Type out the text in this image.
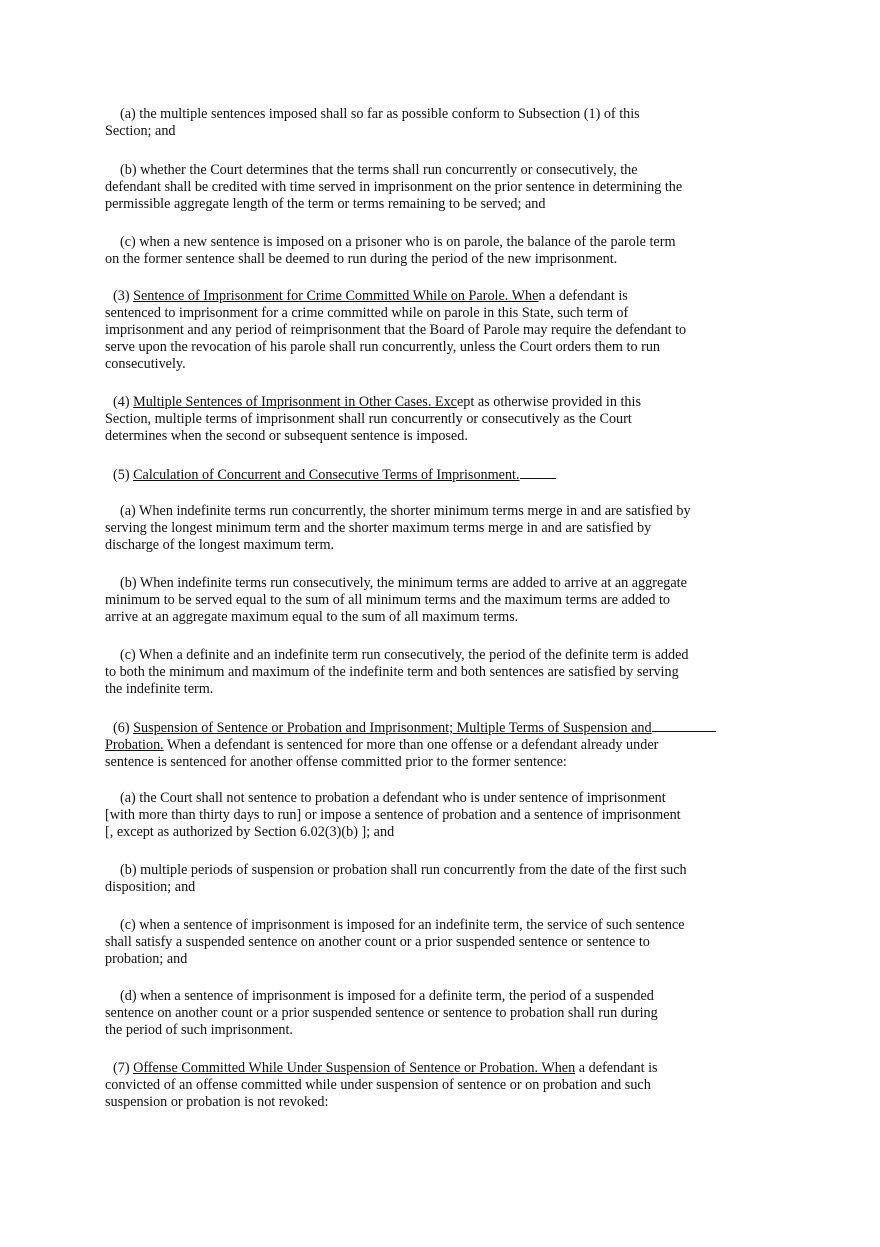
(a) the multiple sentences imposed shall so far as possible conform to Subsection (1) of this
Section; and
(b) whether the Court determines that the terms shall run concurrently or consecutively, the
defendant shall be credited with time served in imprisonment on the prior sentence in determining the
permissible aggregate length of the term or terms remaining to be served; and
(c) when a new sentence is imposed on a prisoner who is on parole, the balance of the parole term
on the former sentence shall be deemed to run during the period of the new imprisonment.
(3) Sentence of Imprisonment for Crime Committed While on Parole. When a defendant is
sentenced to imprisonment for a crime committed while on parole in this State, such term of
imprisonment and any period of reimprisonment that the Board of Parole may require the defendant to
serve upon the revocation of his parole shall run concurrently, unless the Court orders them to run
consecutively.
(4) Multiple Sentences of Imprisonment in Other Cases. Except as otherwise provided in this
Section, multiple terms of imprisonment shall run concurrently or consecutively as the Court
determines when the second or subsequent sentence is imposed.
(5) Calculation of Concurrent and Consecutive Terms of Imprisonment.
(a) When indefinite terms run concurrently, the shorter minimum terms merge in and are satisfied by
serving the longest minimum term and the shorter maximum terms merge in and are satisfied by
discharge of the longest maximum term.
(b) When indefinite terms run consecutively, the minimum terms are added to arrive at an aggregate
minimum to be served equal to the sum of all minimum terms and the maximum terms are added to
arrive at an aggregate maximum equal to the sum of all maximum terms.
(c) When a definite and an indefinite term run consecutively, the period of the definite term is added
to both the minimum and maximum of the indefinite term and both sentences are satisfied by serving
the indefinite term.
(6) Suspension of Sentence or Probation and Imprisonment; Multiple Terms of Suspension and
Probation. When a defendant is sentenced for more than one offense or a defendant already under
sentence is sentenced for another offense committed prior to the former sentence:
(a) the Court shall not sentence to probation a defendant who is under sentence of imprisonment
[with more than thirty days to run] or impose a sentence of probation and a sentence of imprisonment
[, except as authorized by Section 6.02(3)(b) ]; and
(b) multiple periods of suspension or probation shall run concurrently from the date of the first such
disposition; and
(c) when a sentence of imprisonment is imposed for an indefinite term, the service of such sentence
shall satisfy a suspended sentence on another count or a prior suspended sentence or sentence to
probation; and
(d) when a sentence of imprisonment is imposed for a definite term, the period of a suspended
sentence on another count or a prior suspended sentence or sentence to probation shall run during
the period of such imprisonment.
(7) Offense Committed While Under Suspension of Sentence or Probation. When a defendant is
convicted of an offense committed while under suspension of sentence or on probation and such
suspension or probation is not revoked:
